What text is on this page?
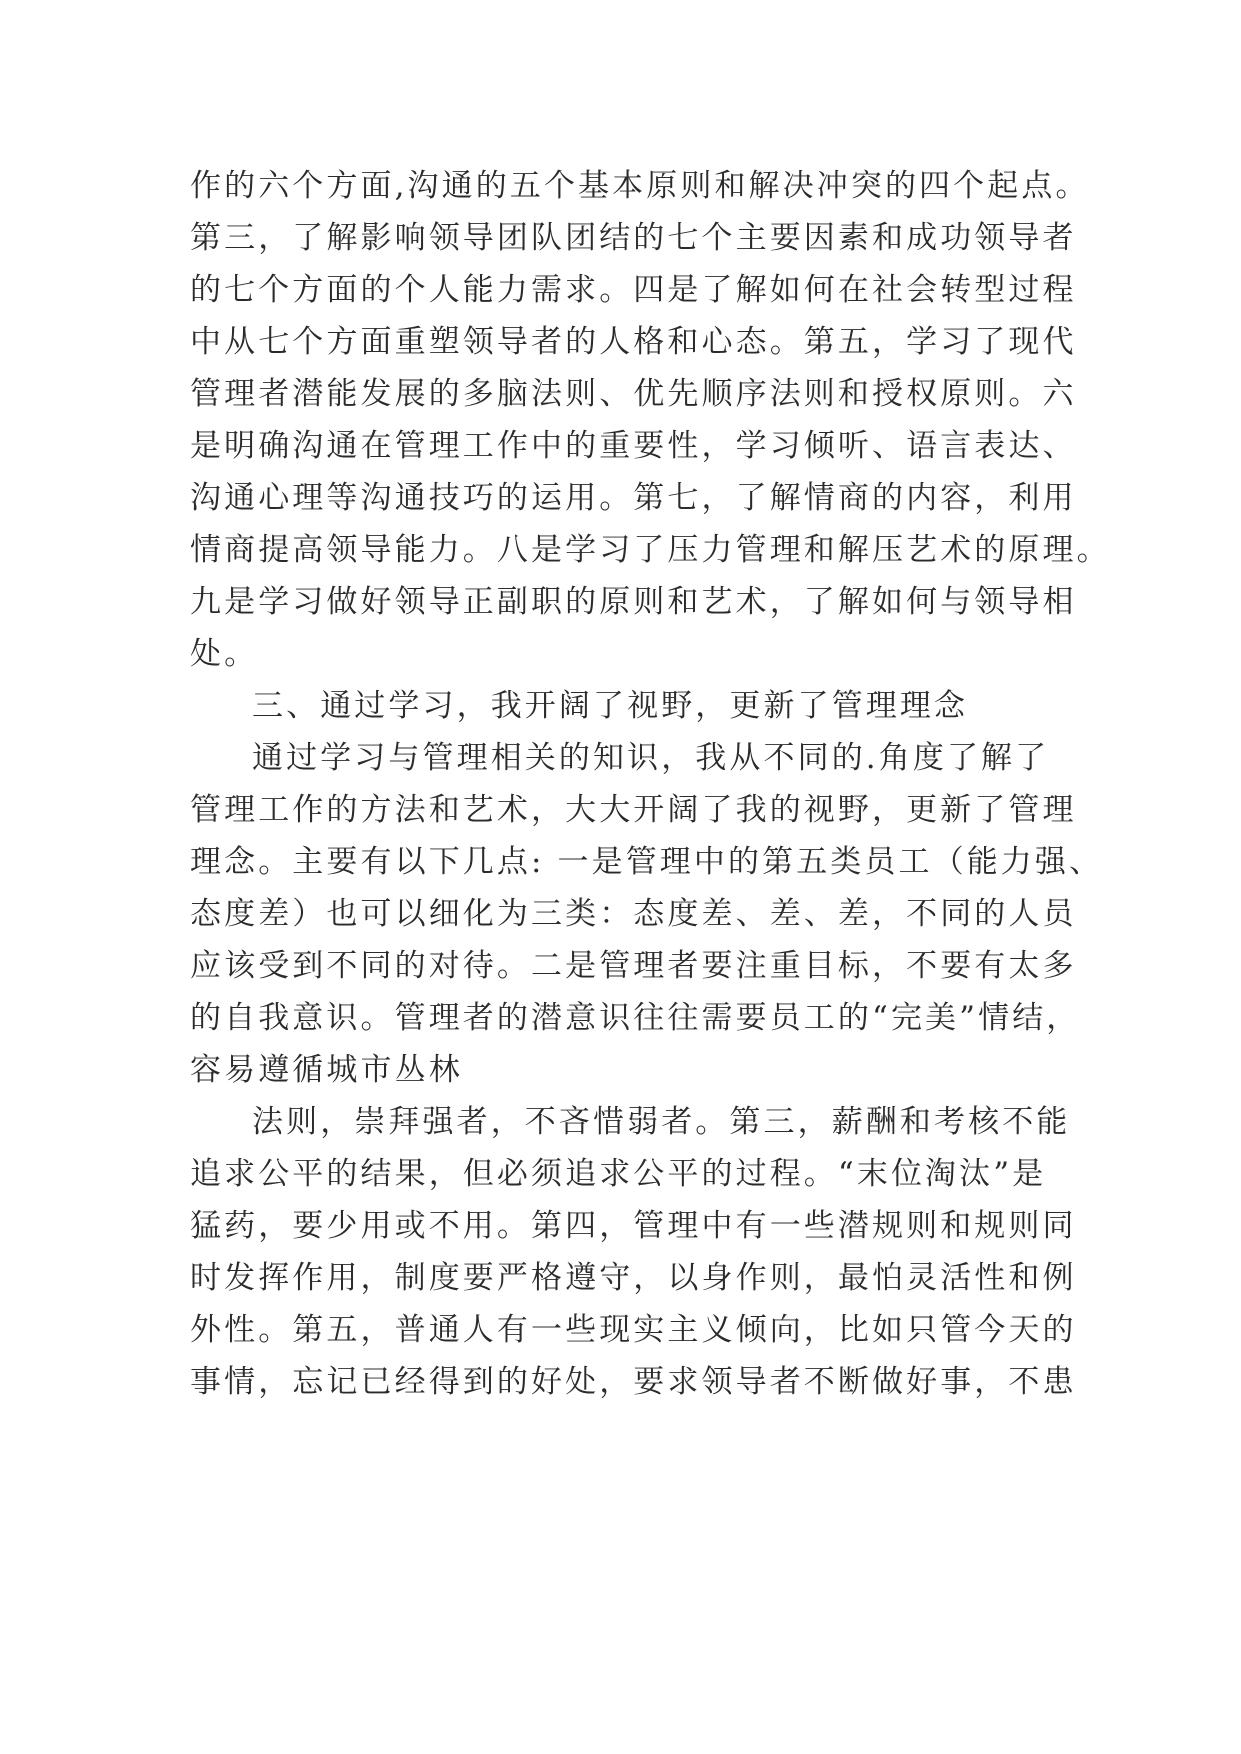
作的六个方面,沟通的五个基本原则和解决冲突的四个起点。
第三，了解影响领导团队团结的七个主要因素和成功领导者
的七个方面的个人能力需求。四是了解如何在社会转型过程
中从七个方面重塑领导者的人格和心态。第五，学习了现代
管理者潜能发展的多脑法则、优先顺序法则和授权原则。六
是明确沟通在管理工作中的重要性，学习倾听、语言表达、
沟通心理等沟通技巧的运用。第七，了解情商的内容，利用
情商提高领导能力。八是学习了压力管理和解压艺术的原理。
九是学习做好领导正副职的原则和艺术，了解如何与领导相
处。
三、通过学习，我开阔了视野，更新了管理理念
通过学习与管理相关的知识，我从不同的.角度了解了
管理工作的方法和艺术，大大开阔了我的视野，更新了管理
理念。主要有以下几点: 一是管理中的第五类员工（能力强、
态度差）也可以细化为三类：态度差、差、差，不同的人员
应该受到不同的对待。二是管理者要注重目标，不要有太多
的自我意识。管理者的潜意识往往需要员工的“完美”情结，
容易遵循城市丛林
法则，崇拜强者，不吝惜弱者。第三，薪酬和考核不能
追求公平的结果，但必须追求公平的过程。“末位淘汰”是
猛药，要少用或不用。第四，管理中有一些潜规则和规则同
时发挥作用，制度要严格遵守，以身作则，最怕灵活性和例
外性。第五，普通人有一些现实主义倾向，比如只管今天的
事情，忘记已经得到的好处，要求领导者不断做好事，不患
